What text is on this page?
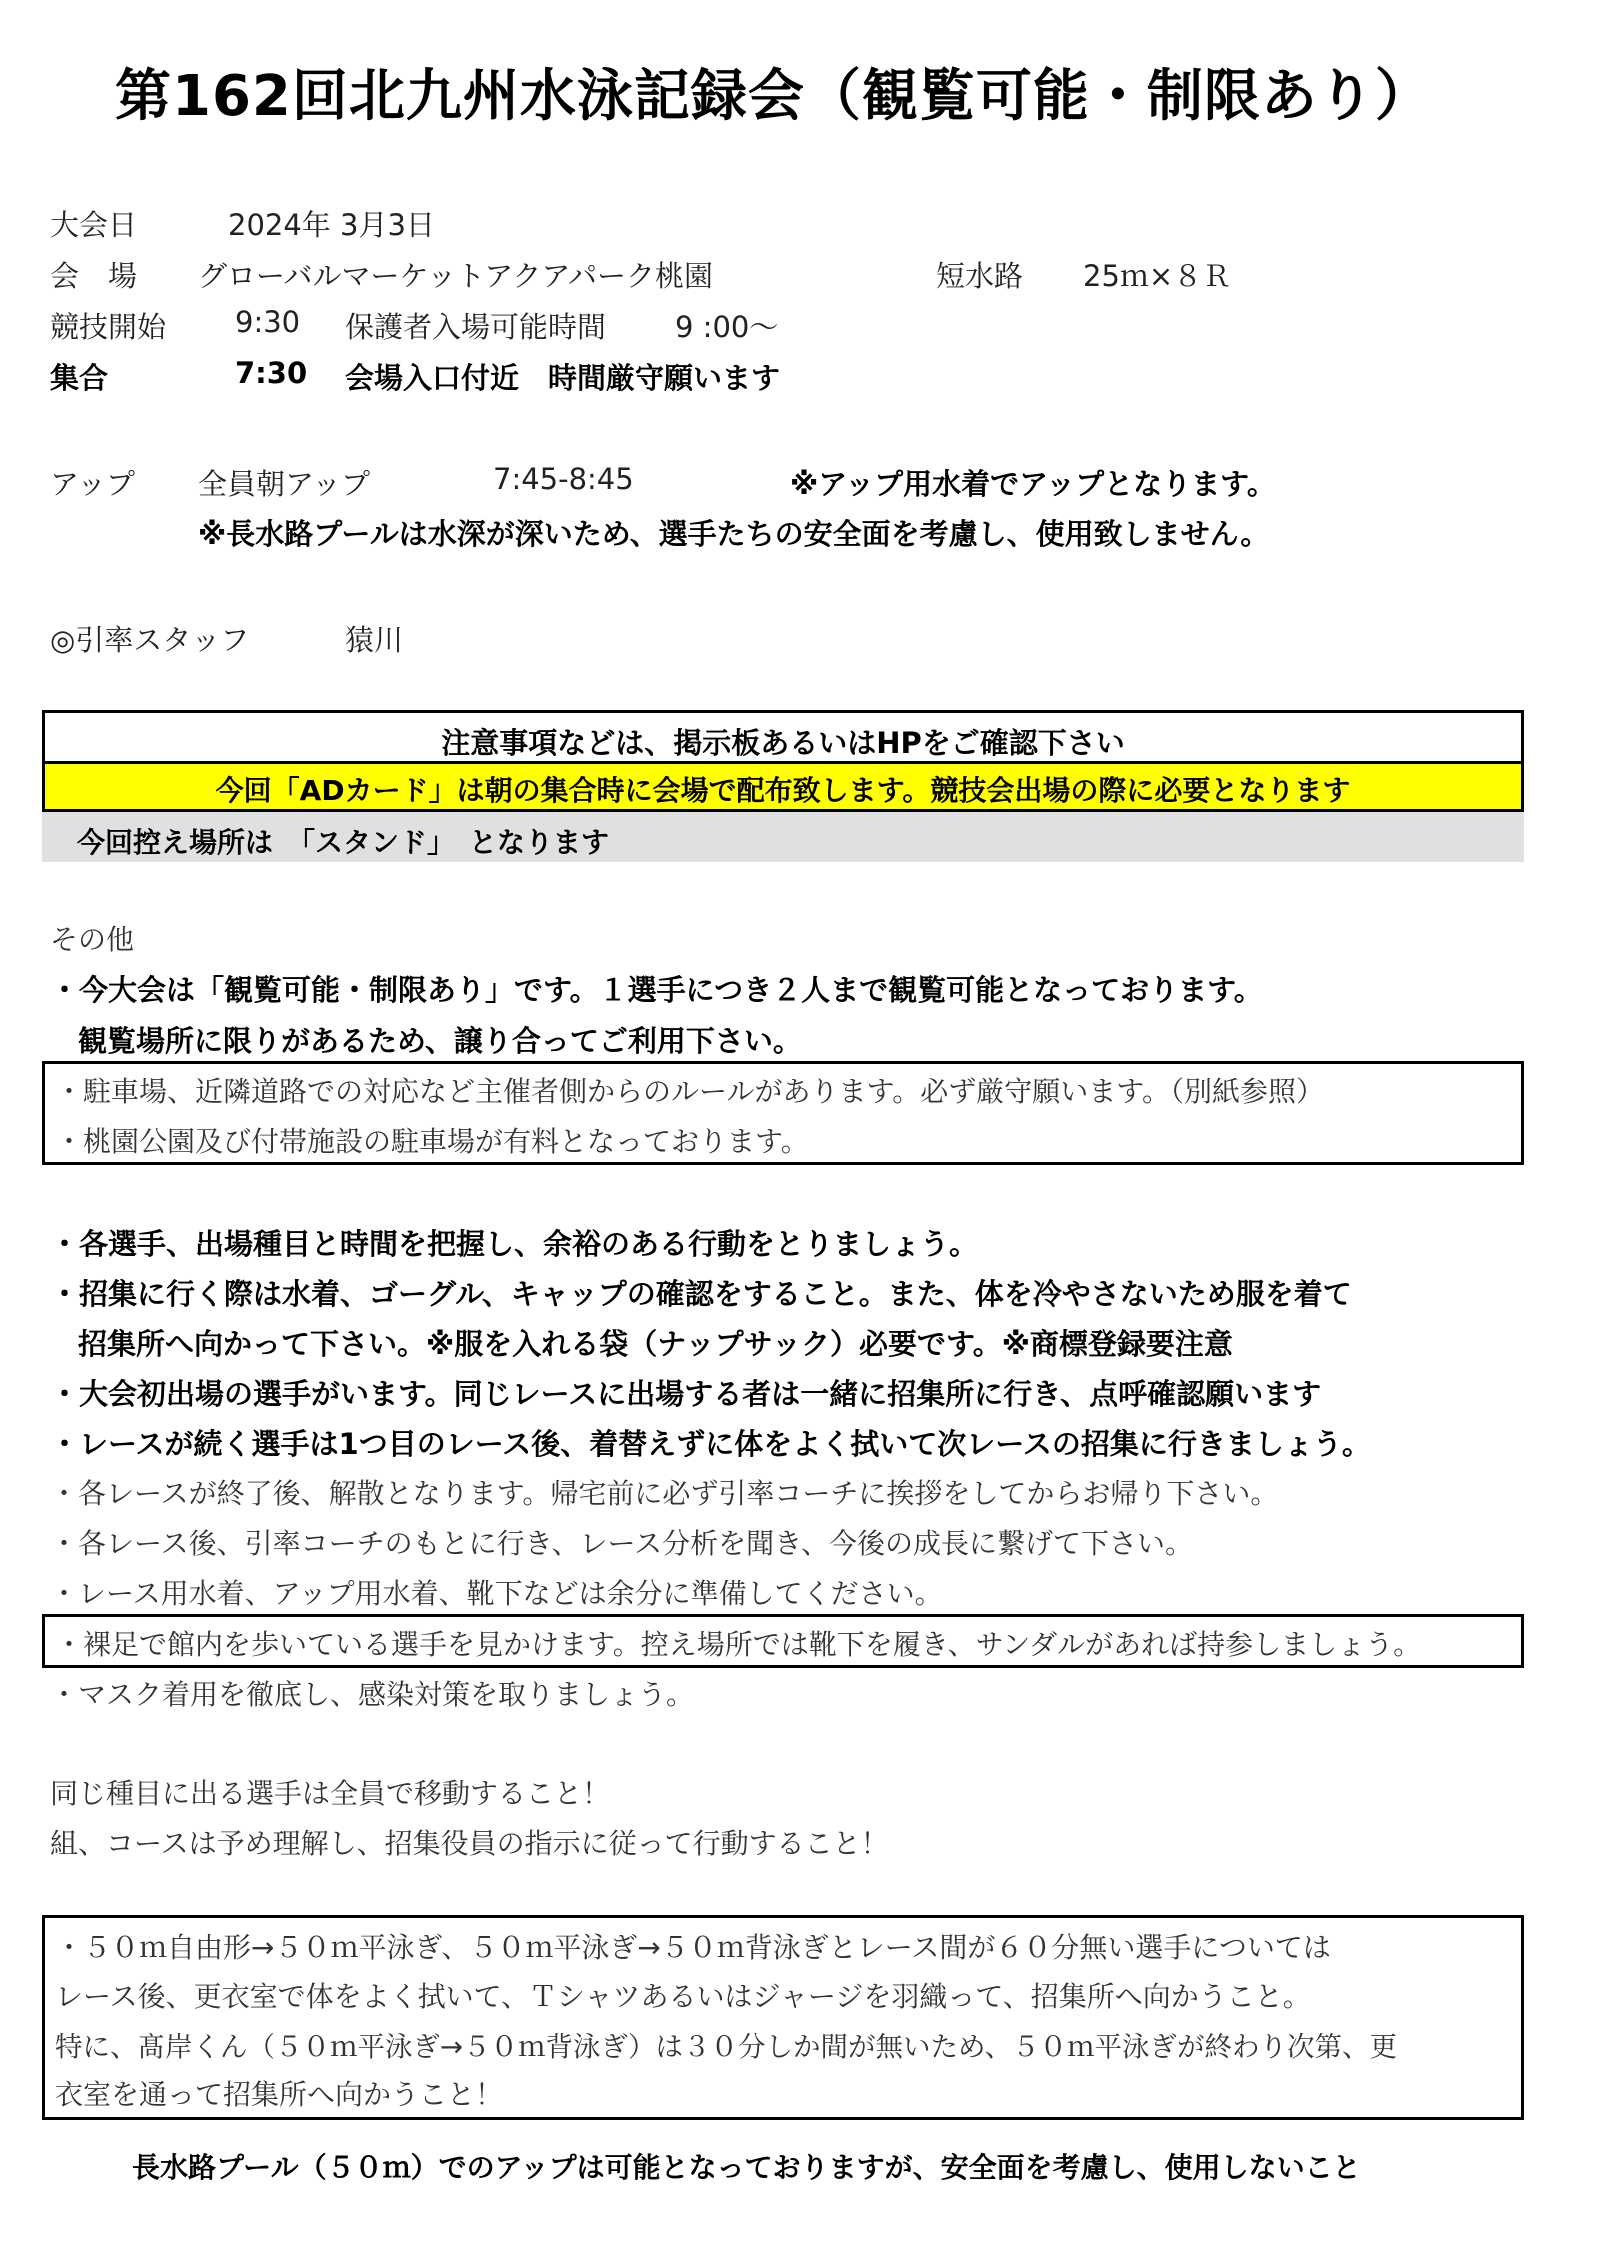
第162回北九州水泳記録会（観覧可能・制限あり）
大会日	2024年 3月3日
会　場 グローバルマーケットアクアパーク桃園	短水路 25ｍ×８Ｒ
競技開始 9:30 保護者入場可能時間 9 :00～
集合	7:30 会場入口付近　時間厳守願います
アップ 全員朝アップ	7:45-8:45	※アップ用水着でアップとなります。
※長水路プールは水深が深いため、選手たちの安全面を考慮し、使用致しません。
◎引率スタッフ	猿川
注意事項などは、掲示板あるいはHPをご確認下さい
今回「ADカード」は朝の集合時に会場で配布致します。競技会出場の際に必要となります
今回控え場所は　「スタンド」　となります
その他
・今大会は「観覧可能・制限あり」です。１選手につき２人まで観覧可能となっております。
観覧場所に限りがあるため、譲り合ってご利用下さい。
・駐車場、近隣道路での対応など主催者側からのルールがあります。必ず厳守願います。（別紙参照）
・桃園公園及び付帯施設の駐車場が有料となっております。
・各選手、出場種目と時間を把握し、余裕のある行動をとりましょう。
・招集に行く際は水着、ゴーグル、キャップの確認をすること。また、体を冷やさないため服を着て
招集所へ向かって下さい。※服を入れる袋（ナップサック）必要です。※商標登録要注意
・大会初出場の選手がいます。同じレースに出場する者は一緒に招集所に行き、点呼確認願います
・レースが続く選手は1つ目のレース後、着替えずに体をよく拭いて次レースの招集に行きましょう。
・各レースが終了後、解散となります。帰宅前に必ず引率コーチに挨拶をしてからお帰り下さい。
・各レース後、引率コーチのもとに行き、レース分析を聞き、今後の成長に繋げて下さい。
・レース用水着、アップ用水着、靴下などは余分に準備してください。
・裸足で館内を歩いている選手を見かけます。控え場所では靴下を履き、サンダルがあれば持参しましょう。
・マスク着用を徹底し、感染対策を取りましょう。
同じ種目に出る選手は全員で移動すること！
組、コースは予め理解し、招集役員の指示に従って行動すること！
・５０ｍ自由形→５０ｍ平泳ぎ、５０ｍ平泳ぎ→５０ｍ背泳ぎとレース間が６０分無い選手については
レース後、更衣室で体をよく拭いて、Ｔシャツあるいはジャージを羽織って、招集所へ向かうこと。
特に、髙岸くん（５０ｍ平泳ぎ→５０ｍ背泳ぎ）は３０分しか間が無いため、５０ｍ平泳ぎが終わり次第、更
衣室を通って招集所へ向かうこと！
長水路プール（５０ｍ）でのアップは可能となっておりますが、安全面を考慮し、使用しないこと
